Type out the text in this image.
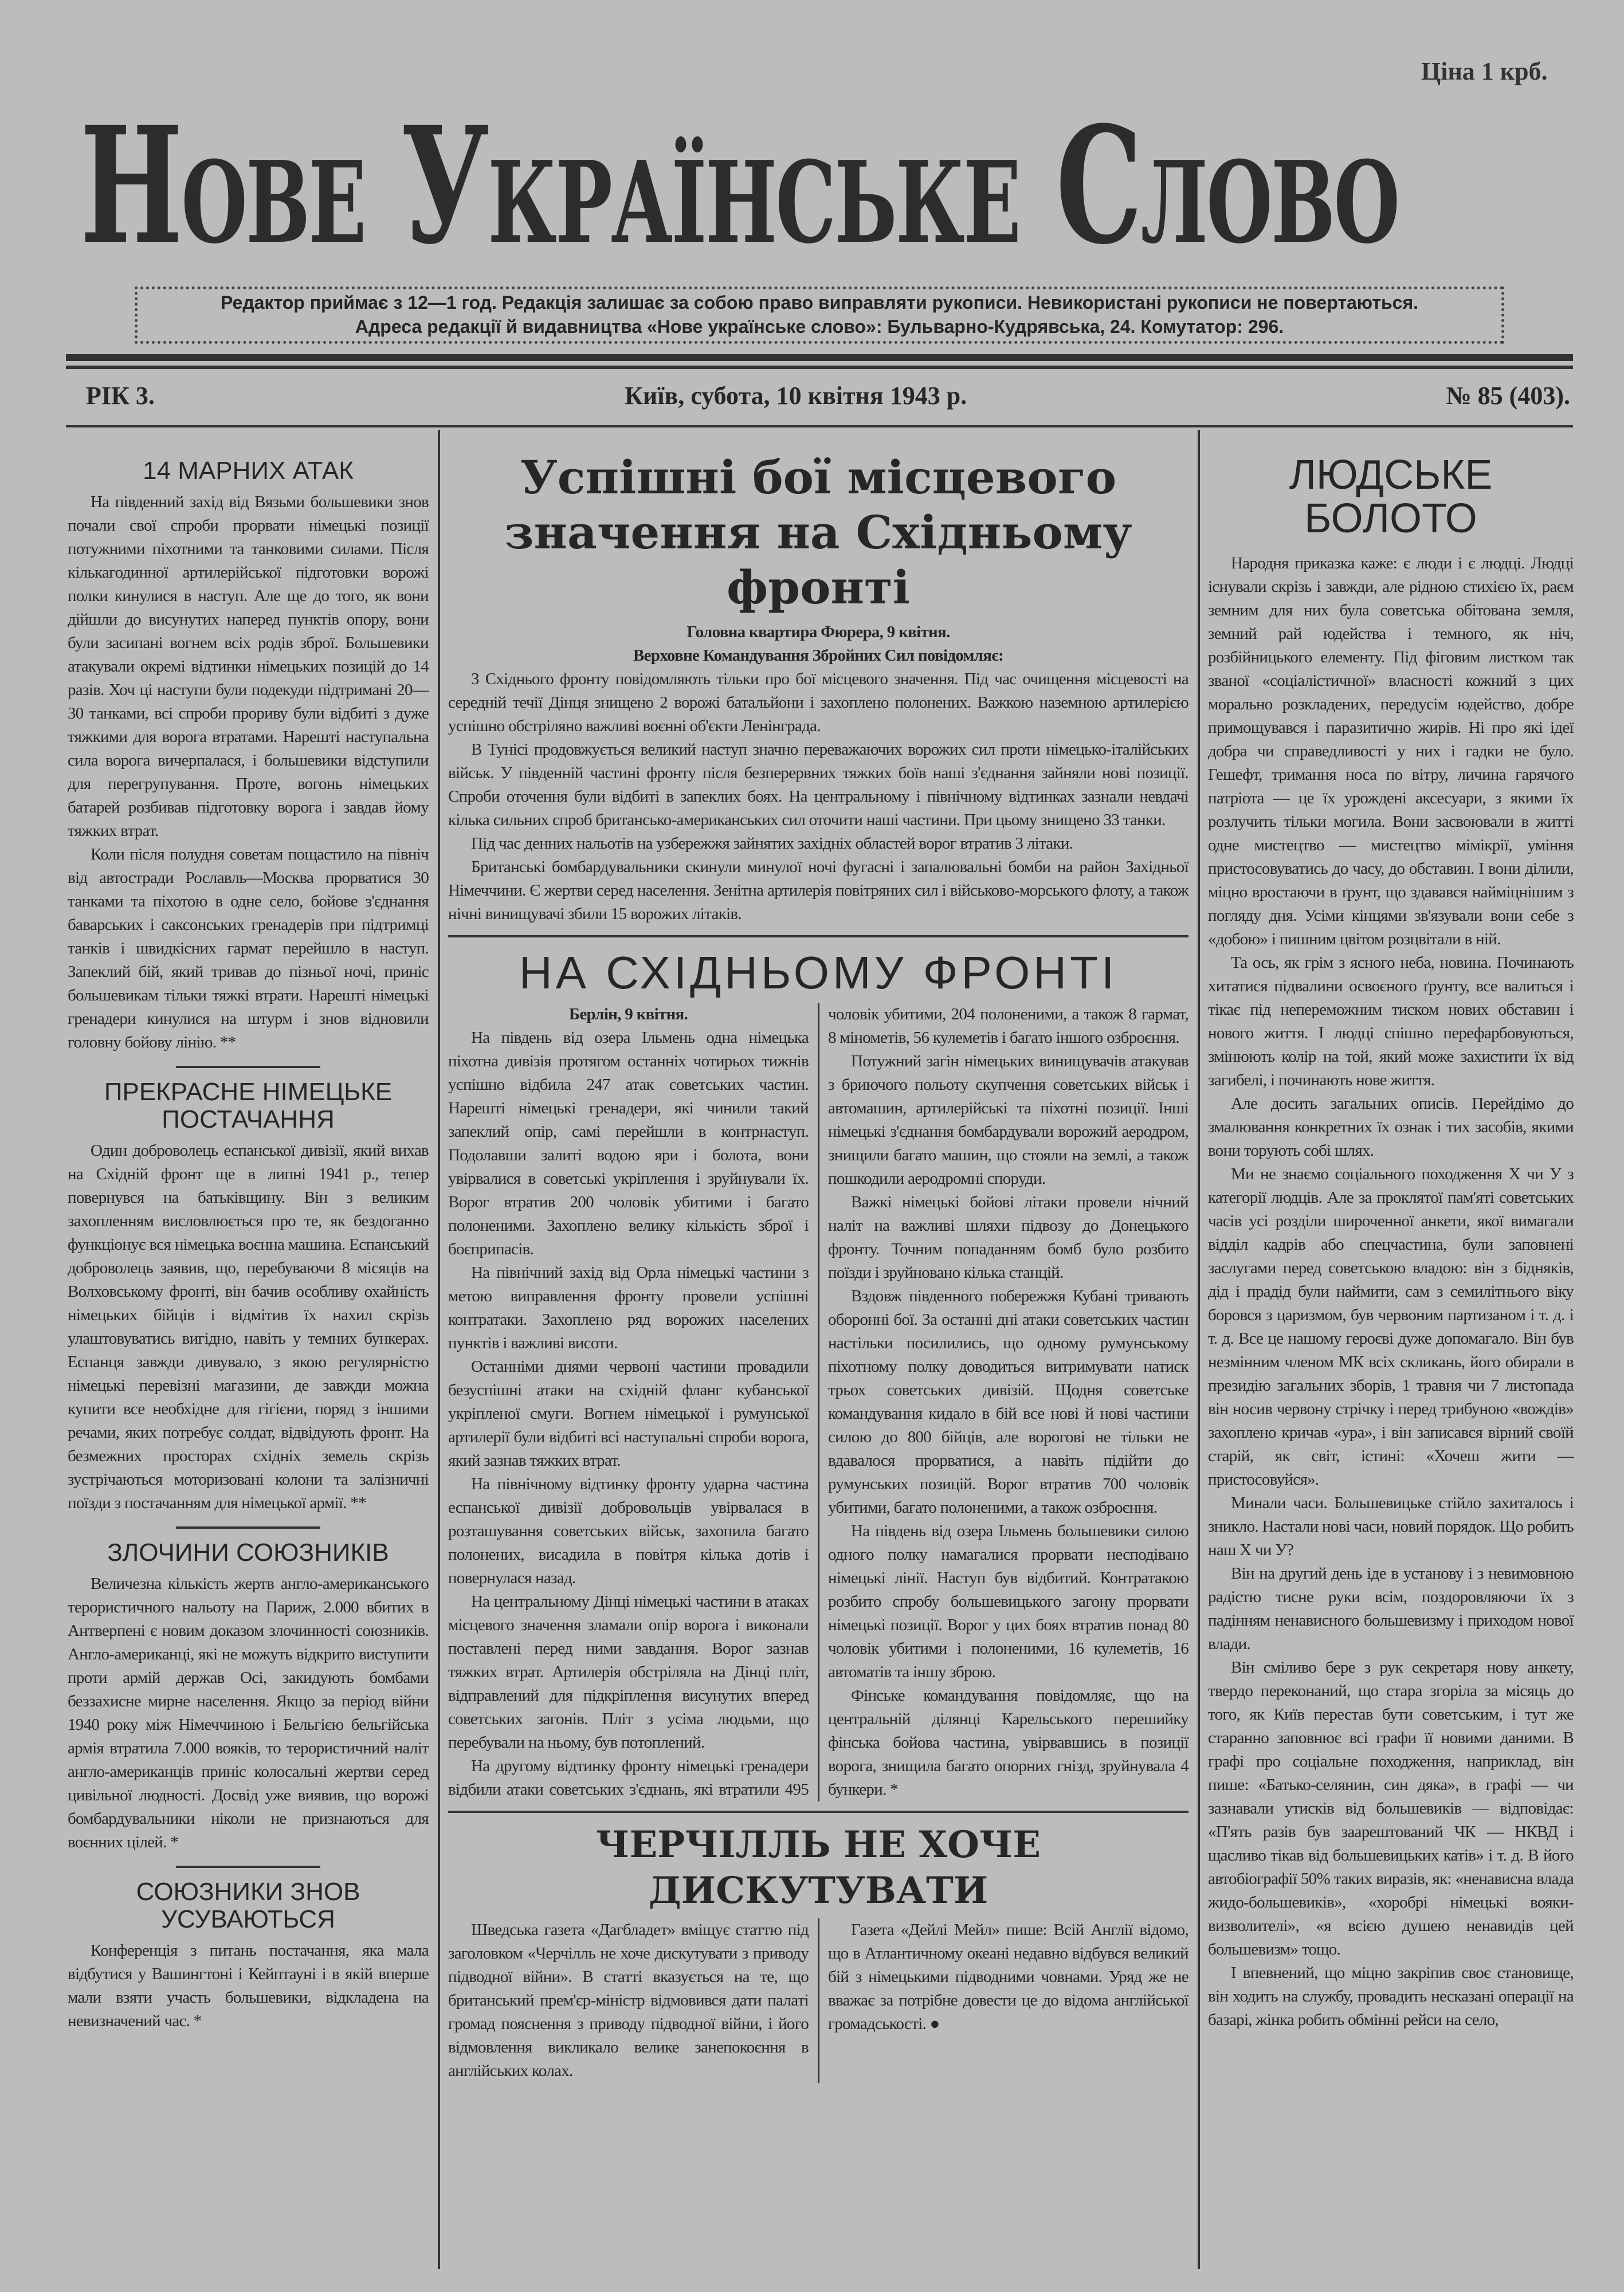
Нове Українське Слово
Ціна 1 крб.
Редактор приймає з 12—1 год. Редакція залишає за собою право виправляти рукописи. Невикористані рукописи не повертаються.
Адреса редакції й видавництва «Нове українське слово»: Бульварно-Кудрявська, 24. Комутатор: 296.
РІК 3.	Київ, субота, 10 квітня 1943 р.	№ 85 (403).
14 МАРНИХ АТАК

На південний захід від Вязьми большевики знов почали свої спроби прорвати німецькі позиції потужними піхотними та танковими силами. Після кількагодинної артилерійської підготовки ворожі полки кинулися в наступ. Але ще до того, як вони дійшли до висунутих наперед пунктів опору, вони були засипані вогнем всіх родів зброї. Большевики атакували окремі відтинки німецьких позицій до 14 разів. Хоч ці наступи були подекуди підтримані 20—30 танками, всі спроби прориву були відбиті з дуже тяжкими для ворога втратами. Нарешті наступальна сила ворога вичерпалася, і большевики відступили для перегрупування. Проте, вогонь німецьких батарей розбивав підготовку ворога і завдав йому тяжких втрат.

Коли після полудня советам пощастило на північ від автостради Рославль—Москва прорватися 30 танками та піхотою в одне село, бойове з'єднання баварських і саксонських гренадерів при підтримці танків і швидкісних гармат перейшло в наступ. Запеклий бій, який тривав до пізньої ночі, приніс большевикам тільки тяжкі втрати. Нарешті німецькі гренадери кинулися на штурм і знов відновили головну бойову лінію. **

ПРЕКРАСНЕ НІМЕЦЬКЕ ПОСТАЧАННЯ

Один доброволець еспанської дивізії, який вихав на Східній фронт ще в липні 1941 р., тепер повернувся на батьківщину. Він з великим захопленням висловлюється про те, як бездоганно функціонує вся німецька воєнна машина. Еспанський доброволець заявив, що, перебуваючи 8 місяців на Волховському фронті, він бачив особливу охайність німецьких бійців і відмітив їх нахил скрізь улаштовуватись вигідно, навіть у темних бункерах. Еспанця завжди дивувало, з якою регулярністю німецькі перевізні магазини, де завжди можна купити все необхідне для гігієни, поряд з іншими речами, яких потребує солдат, відвідують фронт. На безмежних просторах східніх земель скрізь зустрічаються моторизовані колони та залізничні поїзди з постачанням для німецької армії. **

ЗЛОЧИНИ СОЮЗНИКІВ

Величезна кількість жертв англо-американського терористичного нальоту на Париж, 2.000 вбитих в Антверпені є новим доказом злочинності союзників. Англо-американці, які не можуть відкрито виступити проти армій держав Осі, закидують бомбами беззахисне мирне населення. Якщо за період війни 1940 року між Німеччиною і Бельгією бельгійська армія втратила 7.000 вояків, то терористичний наліт англо-американців приніс колосальні жертви серед цивільної людності. Досвід уже виявив, що ворожі бомбардувальники ніколи не признаються для воєнних цілей. *

СОЮЗНИКИ ЗНОВ УСУВАЮТЬСЯ

Конференція з питань постачання, яка мала відбутися у Вашингтоні і Кейптауні і в якій вперше мали взяти участь большевики, відкладена на невизначений час. *

Успішні бої місцевого значення на Східньому фронті

Головна квартира Фюрера, 9 квітня.

Верховне Командування Збройних Сил повідомляє:

З Східнього фронту повідомляють тільки про бої місцевого значення. Під час очищення місцевості на середній течії Дінця знищено 2 ворожі батальйони і захоплено полонених. Важкою наземною артилерією успішно обстріляно важливі воєнні об'єкти Ленінграда.

В Тунісі продовжується великий наступ значно переважаючих ворожих сил проти німецько-італійських військ. У південній частині фронту після безперервних тяжких боїв наші з'єднання зайняли нові позиції. Спроби оточення були відбиті в запеклих боях. На центральному і північному відтинках зазнали невдачі кілька сильних спроб британсько-американських сил оточити наші частини. При цьому знищено 33 танки.

Під час денних нальотів на узбережжя зайнятих західніх областей ворог втратив 3 літаки.

Британські бомбардувальники скинули минулої ночі фугасні і запалювальні бомби на район Західньої Німеччини. Є жертви серед населення. Зенітна артилерія повітряних сил і військово-морського флоту, а також нічні винищувачі збили 15 ворожих літаків.

НА СХІДНЬОМУ ФРОНТІ

Берлін, 9 квітня.

На південь від озера Ільмень одна німецька піхотна дивізія протягом останніх чотирьох тижнів успішно відбила 247 атак советських частин. Нарешті німецькі гренадери, які чинили такий запеклий опір, самі перейшли в контрнаступ. Подолавши залиті водою яри і болота, вони увірвалися в советські укріплення і зруйнували їх. Ворог втратив 200 чоловік убитими і багато полоненими. Захоплено велику кількість зброї і боєприпасів.

На північний захід від Орла німецькі частини з метою виправлення фронту провели успішні контратаки. Захоплено ряд ворожих населених пунктів і важливі висоти.

Останніми днями червоні частини провадили безуспішні атаки на східній фланг кубанської укріпленої смуги. Вогнем німецької і румунської артилерії були відбиті всі наступальні спроби ворога, який зазнав тяжких втрат.

На північному відтинку фронту ударна частина еспанської дивізії добровольців увірвалася в розташування советських військ, захопила багато полонених, висадила в повітря кілька дотів і повернулася назад.

На центральному Дінці німецькі частини в атаках місцевого значення зламали опір ворога і виконали поставлені перед ними завдання. Ворог зазнав тяжких втрат. Артилерія обстріляла на Дінці пліт, відправлений для підкріплення висунутих вперед советських загонів. Пліт з усіма людьми, що перебували на ньому, був потоплений.

На другому відтинку фронту німецькі гренадери відбили атаки советських з'єднань, які втратили 495 чоловік убитими, 204 полоненими, а також 8 гармат, 8 мінометів, 56 кулеметів і багато іншого озброєння.

Потужний загін німецьких винищувачів атакував з бриючого польоту скупчення советських військ і автомашин, артилерійські та піхотні позиції. Інші німецькі з'єднання бомбардували ворожий аеродром, знищили багато машин, що стояли на землі, а також пошкодили аеродромні споруди.

Важкі німецькі бойові літаки провели нічний наліт на важливі шляхи підвозу до Донецького фронту. Точним попаданням бомб було розбито поїзди і зруйновано кілька станцій.

Вздовж південного побережжя Кубані тривають оборонні бої. За останні дні атаки советських частин настільки посилились, що одному румунському піхотному полку доводиться витримувати натиск трьох советських дивізій. Щодня советське командування кидало в бій все нові й нові частини силою до 800 бійців, але ворогові не тільки не вдавалося прорватися, а навіть підійти до румунських позицій. Ворог втратив 700 чоловік убитими, багато полоненими, а також озброєння.

На південь від озера Ільмень большевики силою одного полку намагалися прорвати несподівано німецькі лінії. Наступ був відбитий. Контратакою розбито спробу большевицького загону прорвати німецькі позиції. Ворог у цих боях втратив понад 80 чоловік убитими і полоненими, 16 кулеметів, 16 автоматів та іншу зброю.

Фінське командування повідомляє, що на центральній ділянці Карельського перешийку фінська бойова частина, увірвавшись в позиції ворога, знищила багато опорних гнізд, зруйнувала 4 бункери. *

ЧЕРЧІЛЛЬ НЕ ХОЧЕ ДИСКУТУВАТИ

Шведська газета «Дагбладет» вміщує статтю під заголовком «Черчілль не хоче дискутувати з приводу підводної війни». В статті вказується на те, що британський прем'єр-міністр відмовився дати палаті громад пояснення з приводу підводної війни, і його відмовлення викликало велике занепокоєння в англійських колах.

Газета «Дейлі Мейл» пише: Всій Англії відомо, що в Атлантичному океані недавно відбувся великий бій з німецькими підводними човнами. Уряд же не вважає за потрібне довести це до відома англійської громадськості. ●

ЛЮДСЬКЕ БОЛОТО

Народня приказка каже: є люди і є людці. Людці існували скрізь і завжди, але рідною стихією їх, раєм земним для них була советська обітована земля, земний рай юдейства і темного, як ніч, розбійницького елементу. Під фіговим листком так званої «соціалістичної» власності кожний з цих морально розкладених, передусім юдейство, добре примощувався і паразитично жирів. Ні про які ідеї добра чи справедливості у них і гадки не було. Гешефт, тримання носа по вітру, личина гарячого патріота — це їх урождені аксесуари, з якими їх розлучить тільки могила. Вони засвоювали в житті одне мистецтво — мистецтво мімікрії, уміння пристосовуватись до часу, до обставин. І вони ділили, міцно вростаючи в ґрунт, що здавався найміцнішим з погляду дня. Усіми кінцями зв'язували вони себе з «добою» і пишним цвітом розцвітали в ній.

Та ось, як грім з ясного неба, новина. Починають хитатися підвалини освоєного ґрунту, все валиться і тікає під непереможним тиском нових обставин і нового життя. І людці спішно перефарбовуються, змінюють колір на той, який може захистити їх від загибелі, і починають нове життя.

Але досить загальних описів. Перейдімо до змалювання конкретних їх ознак і тих засобів, якими вони торують собі шлях.

Ми не знаємо соціального походження Х чи У з категорії людців. Але за проклятої пам'яті советських часів усі розділи широченної анкети, якої вимагали відділ кадрів або спецчастина, були заповнені заслугами перед советською владою: він з бідняків, дід і прадід були наймити, сам з семилітнього віку боровся з царизмом, був червоним партизаном і т. д. і т. д. Все це нашому героєві дуже допомагало. Він був незмінним членом МК всіх скликань, його обирали в президію загальних зборів, 1 травня чи 7 листопада він носив червону стрічку і перед трибуною «вождів» захоплено кричав «ура», і він записався вірний своїй старій, як світ, істині: «Хочеш жити — пристосовуйся».

Минали часи. Большевицьке стійло захиталось і зникло. Настали нові часи, новий порядок. Що робить наш Х чи У?

Він на другий день іде в установу і з невимовною радістю тисне руки всім, поздоровляючи їх з падінням ненависного большевизму і приходом нової влади.

Він сміливо бере з рук секретаря нову анкету, твердо переконаний, що стара згоріла за місяць до того, як Київ перестав бути советським, і тут же старанно заповнює всі графи її новими даними. В графі про соціальне походження, наприклад, він пише: «Батько-селянин, син дяка», в графі — чи зазнавали утисків від большевиків — відповідає: «П'ять разів був заарештований ЧК — НКВД і щасливо тікав від большевицьких катів» і т. д. В його автобіографії 50% таких виразів, як: «ненависна влада жидо-большевиків», «хоробрі німецькі вояки-визволителі», «я всією душею ненавидів цей большевизм» тощо.

І впевнений, що міцно закріпив своє становище, він ходить на службу, провадить несказані операції на базарі, жінка робить обмінні рейси на село,
